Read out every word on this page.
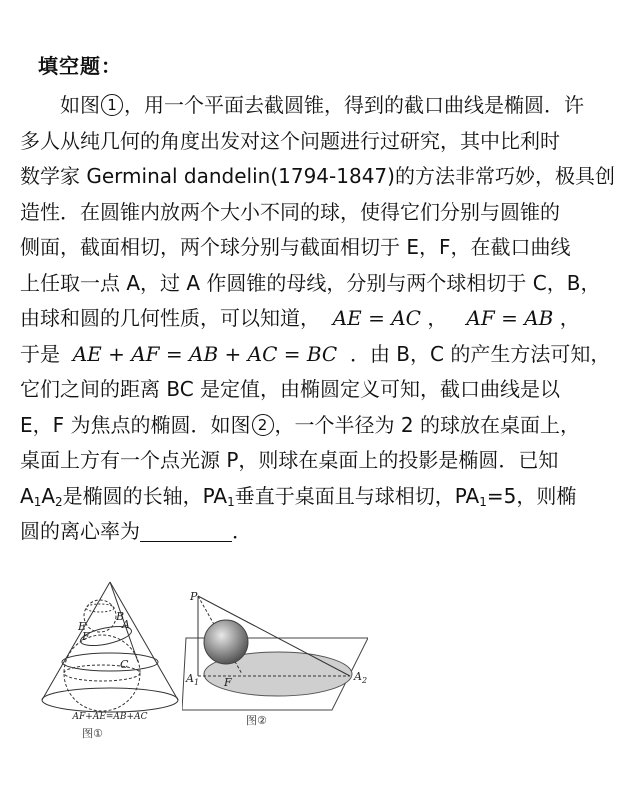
填空题：
如图 1 ，用一个平面去截圆锥，得到的截口曲线是椭圆．许
多人从纯几何的角度出发对这个问题进行过研究，其中比利时
数学家 Germinal dandelin(1794-1847)的方法非常巧妙，极具创
造性．在圆锥内放两个大小不同的球，使得它们分别与圆锥的
侧面，截面相切，两个球分别与截面相切于 E，F，在截口曲线
上任取一点 A，过 A 作圆锥的母线，分别与两个球相切于 C，B，
由球和圆的几何性质，可以知道， AE = AC ， AF = AB ，
于是 AE + AF = AB + AC = BC ．由 B，C 的产生方法可知，
它们之间的距离 BC 是定值，由椭圆定义可知，截口曲线是以
E，F 为焦点的椭圆．如图 2 ，一个半径为 2 的球放在桌面上，
桌面上方有一个点光源 P，则球在桌面上的投影是椭圆．已知
$A_1A_2$是椭圆的长轴，$PA_1$垂直于桌面且与球相切，$PA_1=5$，则椭
圆的离心率为	．
E
F
B
A
C
AF+AE=AB+AC
图①
P
$A_1$ F	$A_2$
图②
